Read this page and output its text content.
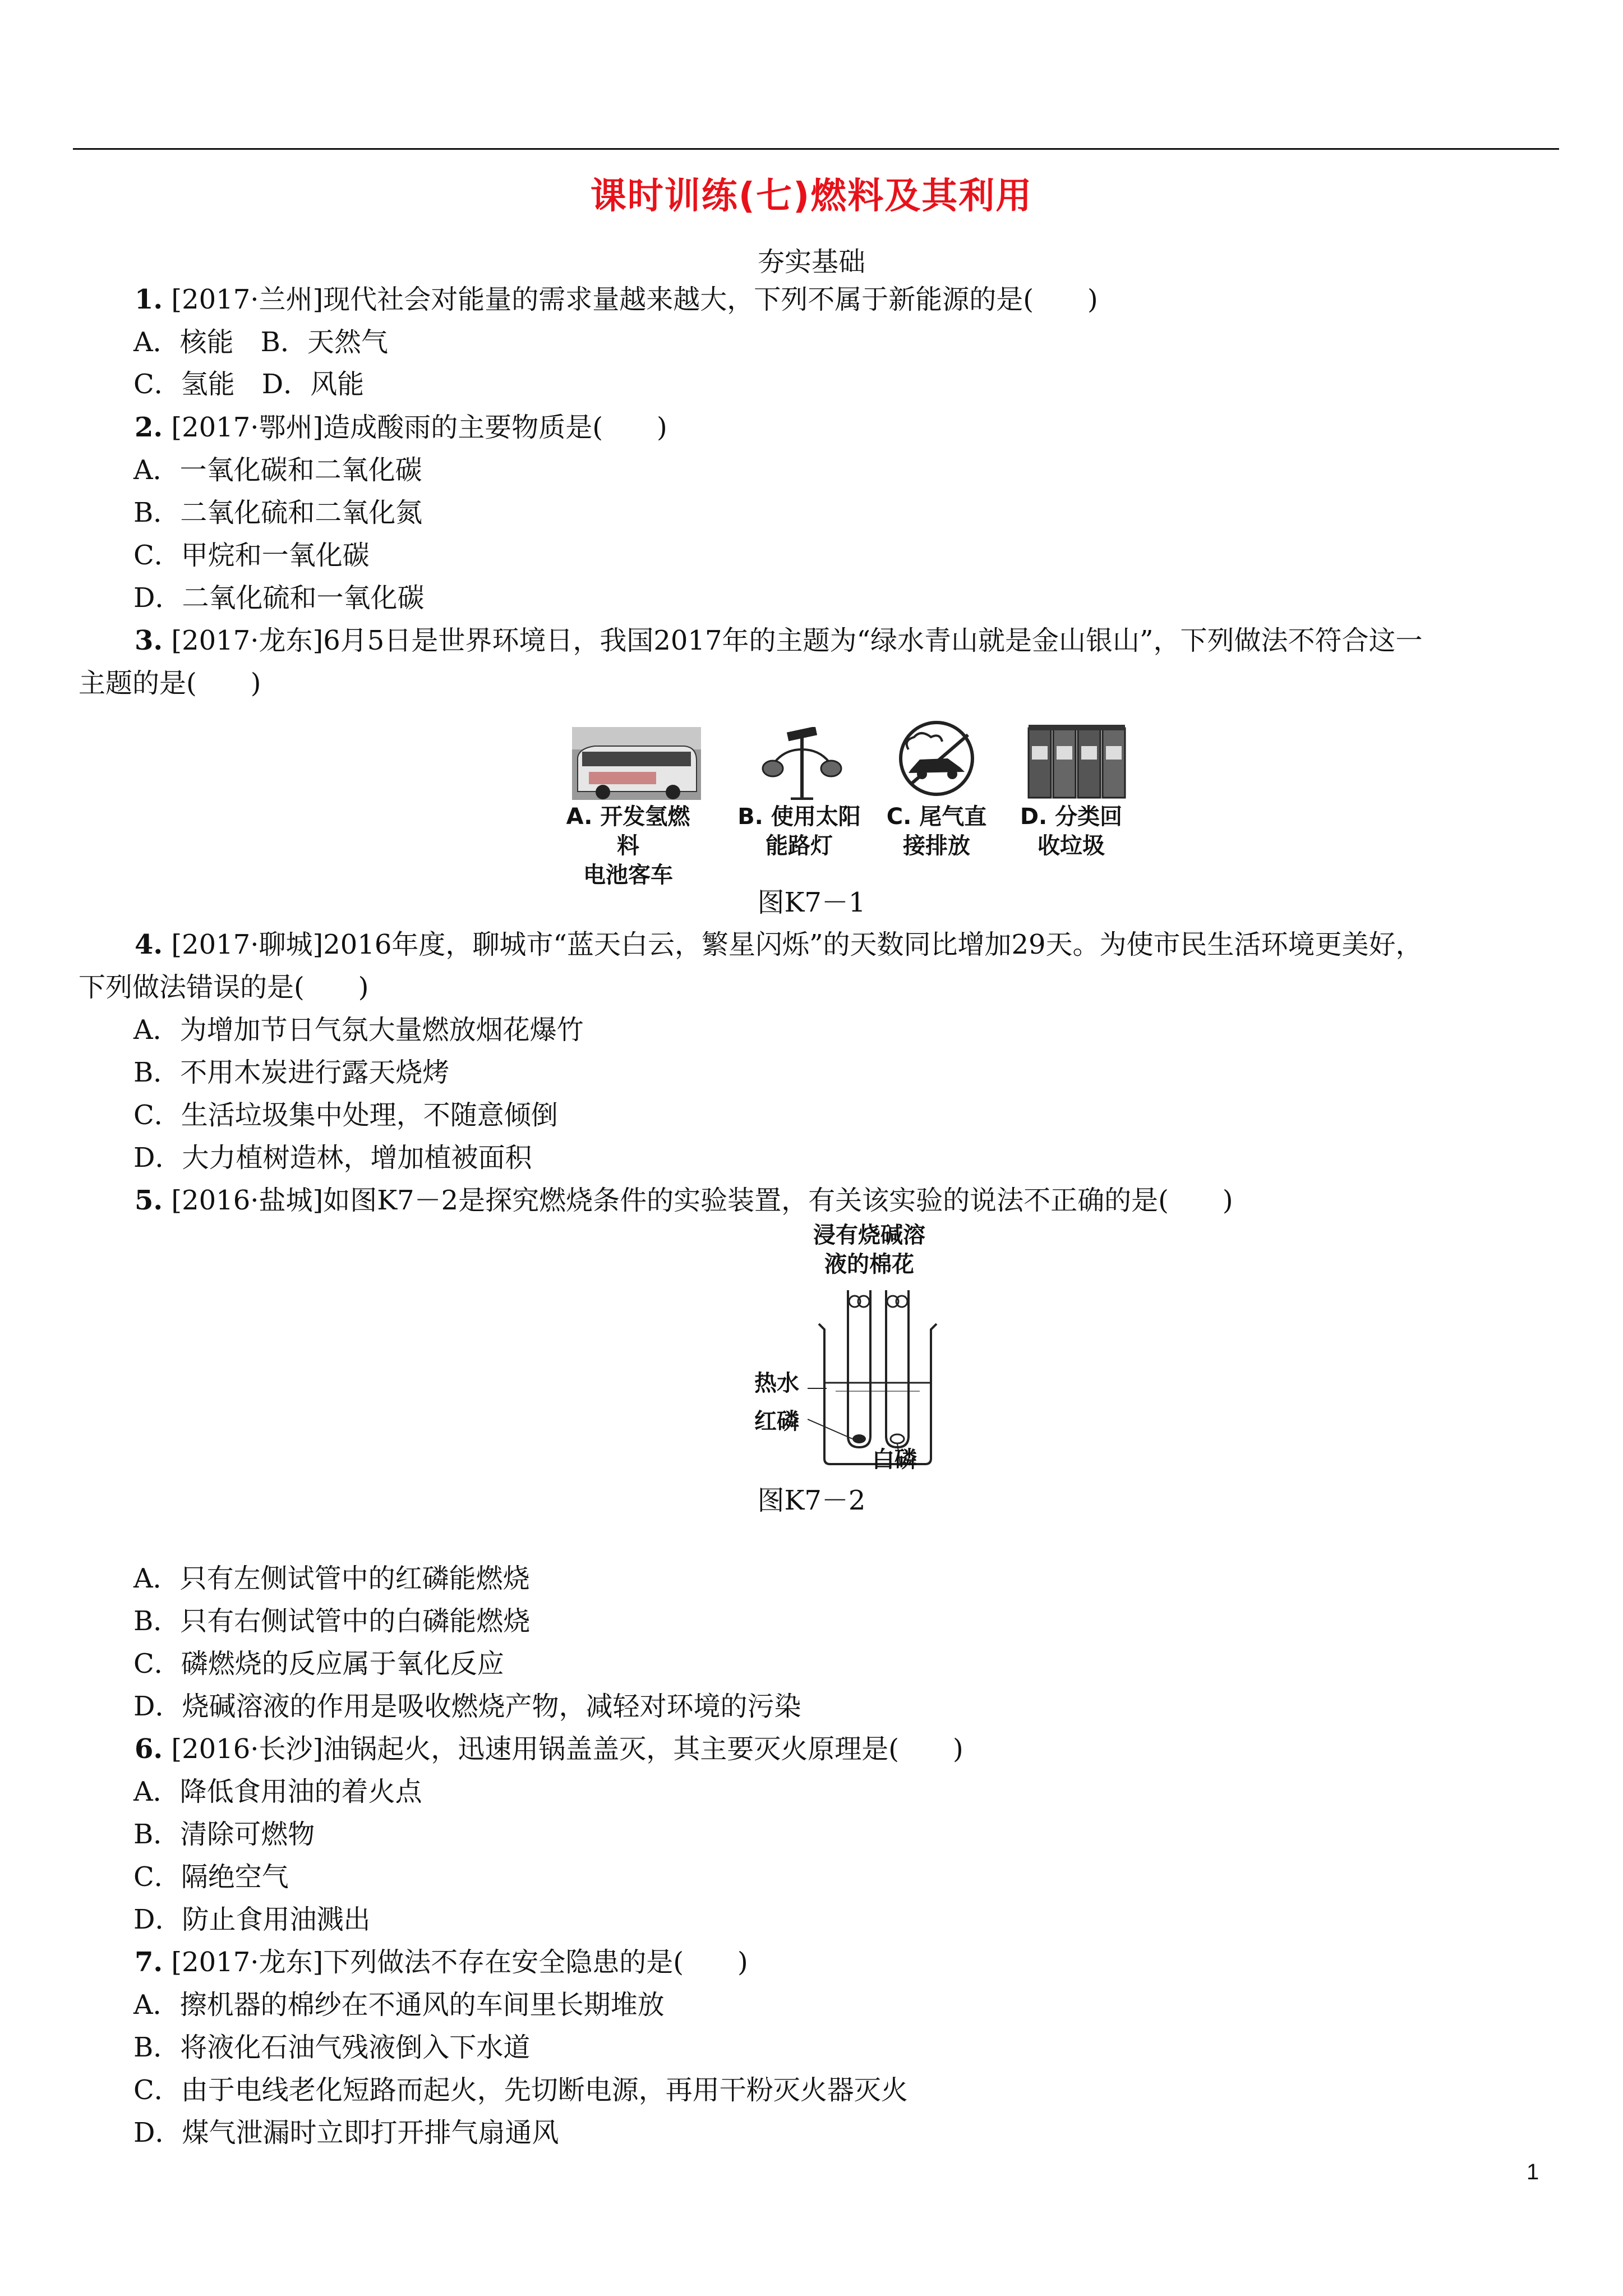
课时训练(七)燃料及其利用
夯实基础
1. [2017·兰州]现代社会对能量的需求量越来越大，下列不属于新能源的是(　　)
A．核能　B．天然气
C．氢能　D．风能
2. [2017·鄂州]造成酸雨的主要物质是(　　)
A．一氧化碳和二氧化碳
B．二氧化硫和二氧化氮
C．甲烷和一氧化碳
D．二氧化硫和一氧化碳
3. [2017·龙东]6月5日是世界环境日，我国2017年的主题为“绿水青山就是金山银山”，下列做法不符合这一
主题的是(　　)
A. 开发氢燃料
电池客车
B. 使用太阳
能路灯
C. 尾气直
接排放
D. 分类回
收垃圾
图K7－1
4. [2017·聊城]2016年度，聊城市“蓝天白云，繁星闪烁”的天数同比增加29天。为使市民生活环境更美好，
下列做法错误的是(　　)
A．为增加节日气氛大量燃放烟花爆竹
B．不用木炭进行露天烧烤
C．生活垃圾集中处理，不随意倾倒
D．大力植树造林，增加植被面积
5. [2016·盐城]如图K7－2是探究燃烧条件的实验装置，有关该实验的说法不正确的是(　　)
浸有烧碱溶
液的棉花
热水
红磷
白磷
图K7－2
A．只有左侧试管中的红磷能燃烧
B．只有右侧试管中的白磷能燃烧
C．磷燃烧的反应属于氧化反应
D．烧碱溶液的作用是吸收燃烧产物，减轻对环境的污染
6. [2016·长沙]油锅起火，迅速用锅盖盖灭，其主要灭火原理是(　　)
A．降低食用油的着火点
B．清除可燃物
C．隔绝空气
D．防止食用油溅出
7. [2017·龙东]下列做法不存在安全隐患的是(　　)
A．擦机器的棉纱在不通风的车间里长期堆放
B．将液化石油气残液倒入下水道
C．由于电线老化短路而起火，先切断电源，再用干粉灭火器灭火
D．煤气泄漏时立即打开排气扇通风
1
